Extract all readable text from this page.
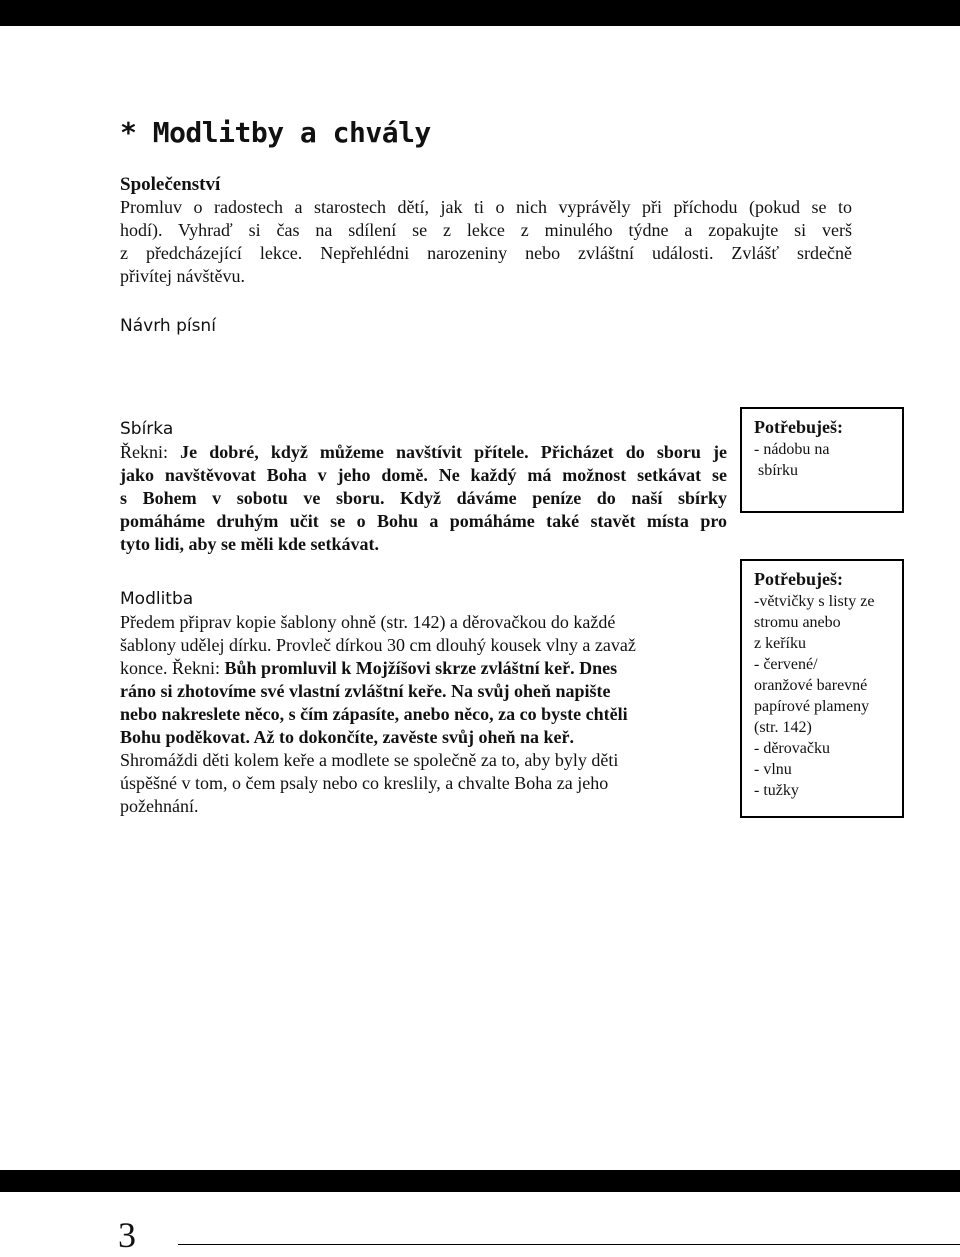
* Modlitby a chvály
Společenství
Promluv o radostech a starostech dětí, jak ti o nich vyprávěly při příchodu (pokud se to
hodí). Vyhraď si čas na sdílení se z lekce z minulého týdne a zopakujte si verš
z předcházející lekce. Nepřehlédni narozeniny nebo zvláštní události. Zvlášť srdečně
přivítej návštěvu.
Návrh písní
Sbírka
Řekni: Je dobré, když můžeme navštívit přítele. Přicházet do sboru je
jako navštěvovat Boha v jeho domě. Ne každý má možnost setkávat se
s Bohem v sobotu ve sboru. Když dáváme peníze do naší sbírky
pomáháme druhým učit se o Bohu a pomáháme také stavět místa pro
tyto lidi, aby se měli kde setkávat.
Modlitba
Předem připrav kopie šablony ohně (str. 142) a děrovačkou do každé
šablony udělej dírku. Provleč dírkou 30 cm dlouhý kousek vlny a zavaž
konce. Řekni: Bůh promluvil k Mojžíšovi skrze zvláštní keř. Dnes
ráno si zhotovíme své vlastní zvláštní keře. Na svůj oheň napište
nebo nakreslete něco, s čím zápasíte, anebo něco, za co byste chtěli
Bohu poděkovat. Až to dokončíte, zavěste svůj oheň na keř.
Shromáždi děti kolem keře a modlete se společně za to, aby byly děti
úspěšné v tom, o čem psaly nebo co kreslily, a chvalte Boha za jeho
požehnání.
Potřebuješ:
- nádobu na
sbírku
Potřebuješ:
-větvičky s listy ze
stromu anebo
z keříku
- červené/
oranžové barevné
papírové plameny
(str. 142)
- děrovačku
- vlnu
- tužky
3
